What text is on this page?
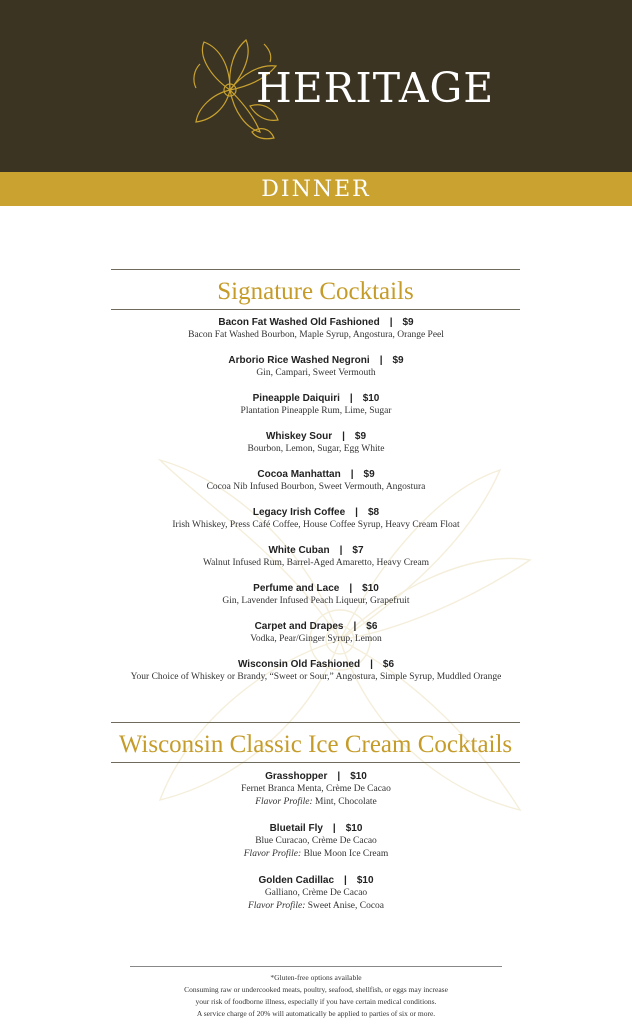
HERITAGE
DINNER
Signature Cocktails
Bacon Fat Washed Old Fashioned | $9
Bacon Fat Washed Bourbon, Maple Syrup, Angostura, Orange Peel
Arborio Rice Washed Negroni | $9
Gin, Campari, Sweet Vermouth
Pineapple Daiquiri | $10
Plantation Pineapple Rum, Lime, Sugar
Whiskey Sour | $9
Bourbon, Lemon, Sugar, Egg White
Cocoa Manhattan | $9
Cocoa Nib Infused Bourbon, Sweet Vermouth, Angostura
Legacy Irish Coffee | $8
Irish Whiskey, Press Café Coffee, House Coffee Syrup, Heavy Cream Float
White Cuban | $7
Walnut Infused Rum, Barrel-Aged Amaretto, Heavy Cream
Perfume and Lace | $10
Gin, Lavender Infused Peach Liqueur, Grapefruit
Carpet and Drapes | $6
Vodka, Pear/Ginger Syrup, Lemon
Wisconsin Old Fashioned | $6
Your Choice of Whiskey or Brandy, “Sweet or Sour,” Angostura, Simple Syrup, Muddled Orange
Wisconsin Classic Ice Cream Cocktails
Grasshopper | $10
Fernet Branca Menta, Crème De Cacao
Flavor Profile: Mint, Chocolate
Bluetail Fly | $10
Blue Curacao, Crème De Cacao
Flavor Profile: Blue Moon Ice Cream
Golden Cadillac | $10
Galliano, Crème De Cacao
Flavor Profile: Sweet Anise, Cocoa
*Gluten-free options available
Consuming raw or undercooked meats, poultry, seafood, shellfish, or eggs may increase
your risk of foodborne illness, especially if you have certain medical conditions.
A service charge of 20% will automatically be applied to parties of six or more.
